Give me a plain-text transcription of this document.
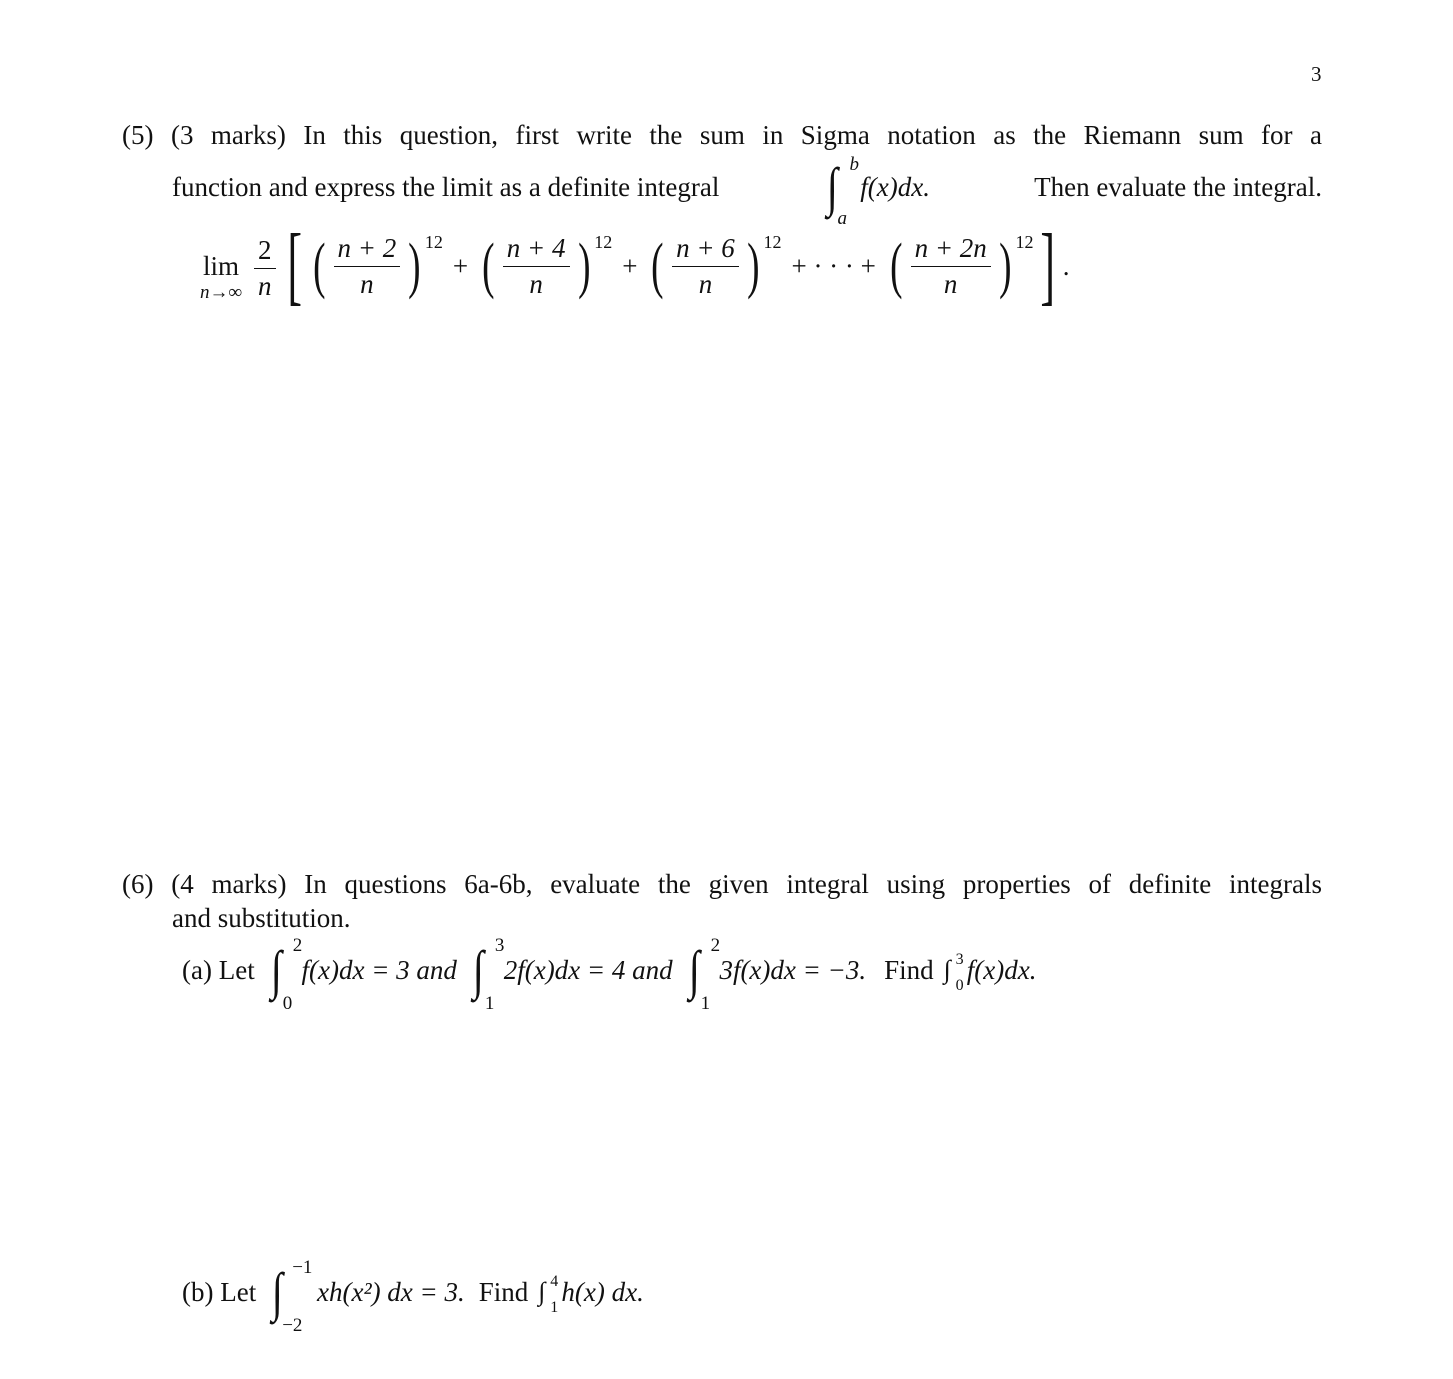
3
(5) (3 marks) In this question, first write the sum in Sigma notation as the Riemann sum for a
function and express the limit as a definite integral ∫ b
a
f(x)dx.	Then evaluate the integral.
lim
$n\to\infty \frac{2}{n}$ [ ( $\frac{n + 2}{n}$ ) 12
+ ( $\frac{n + 4}{n}$ ) 12
+ ( $\frac{n + 6}{n}$ ) 12
+ · · · + ( $\frac{n + 2n}{n}$ ) 12 ] .
(6) (4 marks) In questions 6a-6b, evaluate the given integral using properties of definite integrals
and substitution.
(a) Let ∫ 2
0
f(x)dx = 3 and ∫ 3
1
2f(x)dx = 4 and ∫ 2
1
3f(x)dx = −3. Find ∫ 3
0
f(x)dx.
(b) Let ∫ −1
−2
xh(x²) dx = 3. Find ∫ 4
1
h(x) dx.
